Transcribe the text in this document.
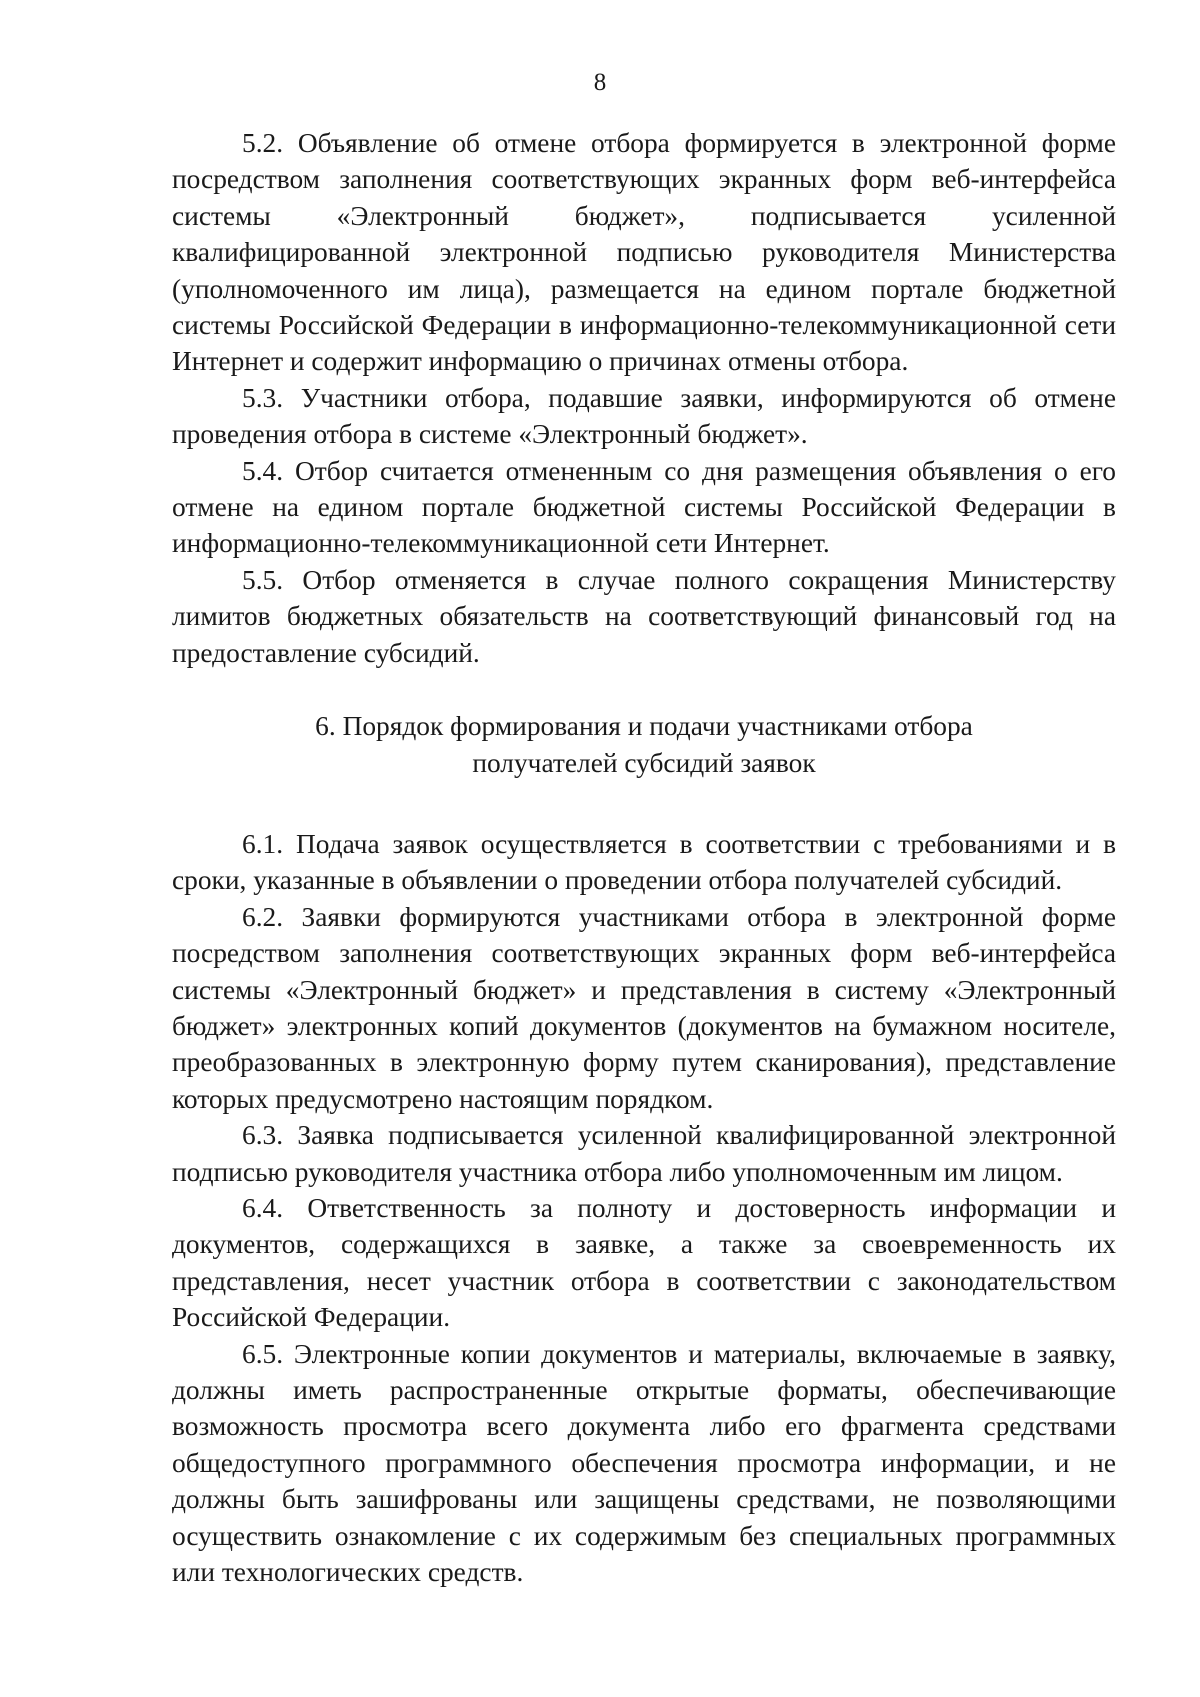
8

5.2. Объявление об отмене отбора формируется в электронной форме посредством заполнения соответствующих экранных форм веб-интерфейса системы «Электронный бюджет», подписывается усиленной квалифицированной электронной подписью руководителя Министерства (уполномоченного им лица), размещается на едином портале бюджетной системы Российской Федерации в информационно-телекоммуникационной сети Интернет и содержит информацию о причинах отмены отбора.

5.3. Участники отбора, подавшие заявки, информируются об отмене проведения отбора в системе «Электронный бюджет».

5.4. Отбор считается отмененным со дня размещения объявления о его отмене на едином портале бюджетной системы Российской Федерации в информационно-телекоммуникационной сети Интернет.

5.5. Отбор отменяется в случае полного сокращения Министерству лимитов бюджетных обязательств на соответствующий финансовый год на предоставление субсидий.

6. Порядок формирования и подачи участниками отбора

получателей субсидий заявок

6.1. Подача заявок осуществляется в соответствии с требованиями и в сроки, указанные в объявлении о проведении отбора получателей субсидий.

6.2. Заявки формируются участниками отбора в электронной форме посредством заполнения соответствующих экранных форм веб-интерфейса системы «Электронный бюджет» и представления в систему «Электронный бюджет» электронных копий документов (документов на бумажном носителе, преобразованных в электронную форму путем сканирования), представление которых предусмотрено настоящим порядком.

6.3. Заявка подписывается усиленной квалифицированной электронной подписью руководителя участника отбора либо уполномоченным им лицом.

6.4. Ответственность за полноту и достоверность информации и документов, содержащихся в заявке, а также за своевременность их представления, несет участник отбора в соответствии с законодательством Российской Федерации.

6.5. Электронные копии документов и материалы, включаемые в заявку, должны иметь распространенные открытые форматы, обеспечивающие возможность просмотра всего документа либо его фрагмента средствами общедоступного программного обеспечения просмотра информации, и не должны быть зашифрованы или защищены средствами, не позволяющими осуществить ознакомление с их содержимым без специальных программных или технологических средств.
